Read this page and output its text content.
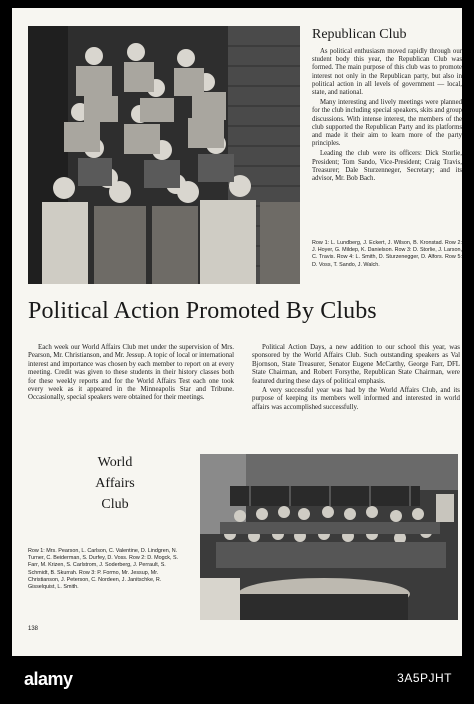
Republican Club

As political enthusiasm moved rapidly through our student body this year, the Republican Club was formed. The main purpose of this club was to promote interest not only in the Republican party, but also in political action in all levels of government — local, state, and national.

Many interesting and lively meetings were planned for the club including special speakers, skits and group discussions. With intense interest, the members of the club supported the Republican Party and its platforms and made it their aim to learn more of the party principles.

Leading the club were its officers: Dick Storlie, President; Tom Sando, Vice-President; Craig Travis, Treasurer; Dale Sturzenneger, Secretary; and its advisor, Mr. Bob Bach.

Row 1: L. Lundberg, J. Eckert, J. Wilson, B. Kronstad. Row 2: J. Hoyer, G. Mildep, K. Danielson. Row 3: D. Storlie, J. Larson, C. Travis. Row 4: L. Smith, D. Sturzenegger, D. Alfors. Row 5: D. Voss, T. Sando, J. Walch.
Political Action Promoted By Clubs

Each week our World Affairs Club met under the supervision of Mrs. Pearson, Mr. Christianson, and Mr. Jessup. A topic of local or international interest and importance was chosen by each member to report on at every meeting. Credit was given to these students in their history classes both for these weekly reports and for the World Affairs Test each one took every week as it appeared in the Minneapolis Star and Tribune. Occasionally, special speakers were obtained for their meetings.

Political Action Days, a new addition to our school this year, was sponsored by the World Affairs Club. Such outstanding speakers as Val Bjornson, State Treasurer, Senator Eugene McCarthy, George Farr, DFL State Chairman, and Robert Forsythe, Republican State Chairman, were featured during these days of political emphasis.

A very successful year was had by the World Affairs Club, and its purpose of keeping its members well informed and interested in world affairs was accomplished successfully.

World
Affairs
Club
Row 1: Mrs. Pearson, L. Carlson, C. Valentine, D. Lindgren, N. Turner, C. Beiderman, S. Durfey, D. Voss. Row 2: D. Mogck, S. Farr, M. Krizen, S. Carlstrom, J. Soderberg, J. Perrault, S. Schmidt, B. Skurrah. Row 3: P. Formo, Mr. Jessup, Mr. Christianson, J. Peterson, C. Nordeen, J. Janitschke, R. Gisselquist, L. Smith.
138
alamy	3A5PJHT
